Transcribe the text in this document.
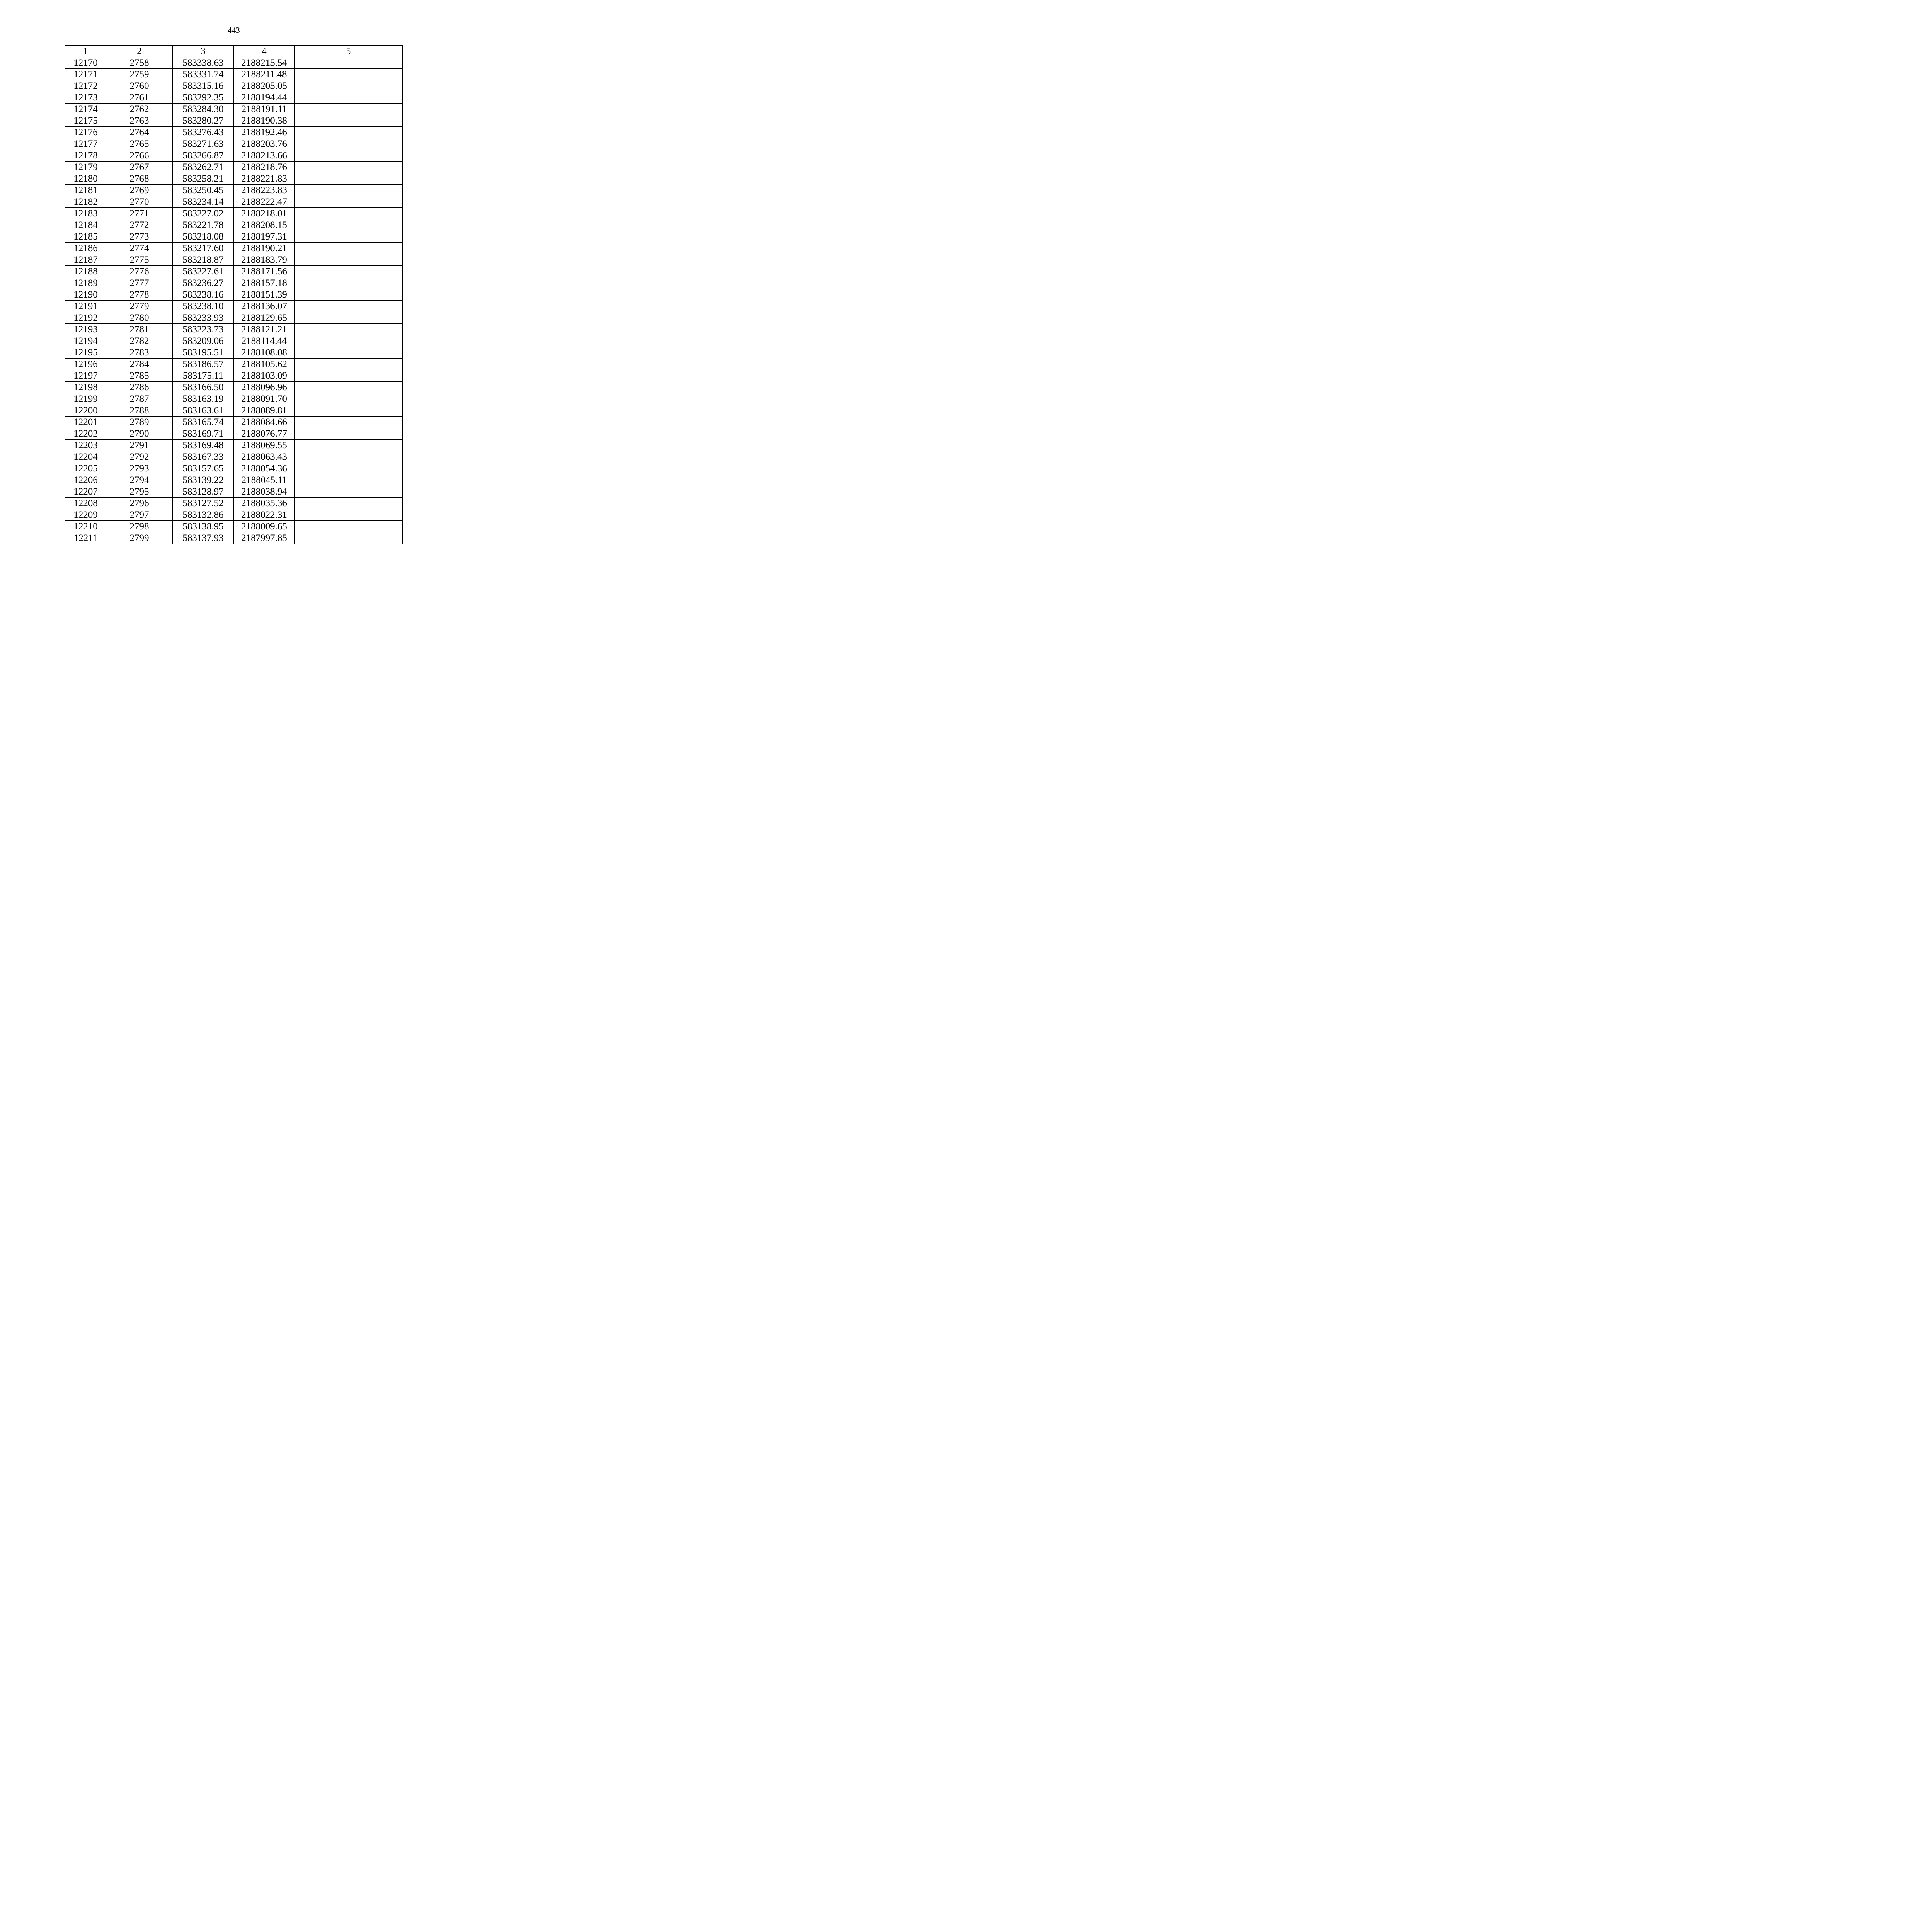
443
1	2	3	4	5
12170	2758	583338.63	2188215.54	
12171	2759	583331.74	2188211.48	
12172	2760	583315.16	2188205.05	
12173	2761	583292.35	2188194.44	
12174	2762	583284.30	2188191.11	
12175	2763	583280.27	2188190.38	
12176	2764	583276.43	2188192.46	
12177	2765	583271.63	2188203.76	
12178	2766	583266.87	2188213.66	
12179	2767	583262.71	2188218.76	
12180	2768	583258.21	2188221.83	
12181	2769	583250.45	2188223.83	
12182	2770	583234.14	2188222.47	
12183	2771	583227.02	2188218.01	
12184	2772	583221.78	2188208.15	
12185	2773	583218.08	2188197.31	
12186	2774	583217.60	2188190.21	
12187	2775	583218.87	2188183.79	
12188	2776	583227.61	2188171.56	
12189	2777	583236.27	2188157.18	
12190	2778	583238.16	2188151.39	
12191	2779	583238.10	2188136.07	
12192	2780	583233.93	2188129.65	
12193	2781	583223.73	2188121.21	
12194	2782	583209.06	2188114.44	
12195	2783	583195.51	2188108.08	
12196	2784	583186.57	2188105.62	
12197	2785	583175.11	2188103.09	
12198	2786	583166.50	2188096.96	
12199	2787	583163.19	2188091.70	
12200	2788	583163.61	2188089.81	
12201	2789	583165.74	2188084.66	
12202	2790	583169.71	2188076.77	
12203	2791	583169.48	2188069.55	
12204	2792	583167.33	2188063.43	
12205	2793	583157.65	2188054.36	
12206	2794	583139.22	2188045.11	
12207	2795	583128.97	2188038.94	
12208	2796	583127.52	2188035.36	
12209	2797	583132.86	2188022.31	
12210	2798	583138.95	2188009.65	
12211	2799	583137.93	2187997.85	
